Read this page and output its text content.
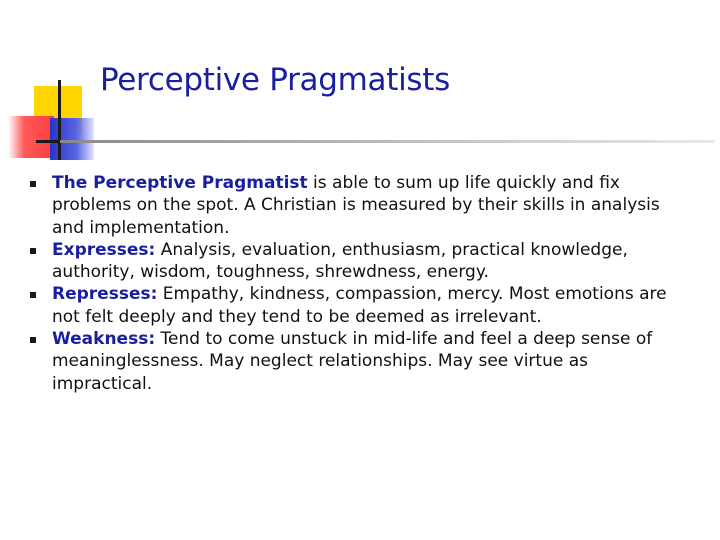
Perceptive Pragmatists
The Perceptive Pragmatist is able to sum up life quickly and fix problems on the spot. A Christian is measured by their skills in analysis and implementation.
Expresses: Analysis, evaluation, enthusiasm, practical knowledge, authority, wisdom, toughness, shrewdness, energy.
Represses: Empathy, kindness, compassion, mercy. Most emotions are not felt deeply and they tend to be deemed as irrelevant.
Weakness: Tend to come unstuck in mid-life and feel a deep sense of meaninglessness. May neglect relationships. May see virtue as impractical.
